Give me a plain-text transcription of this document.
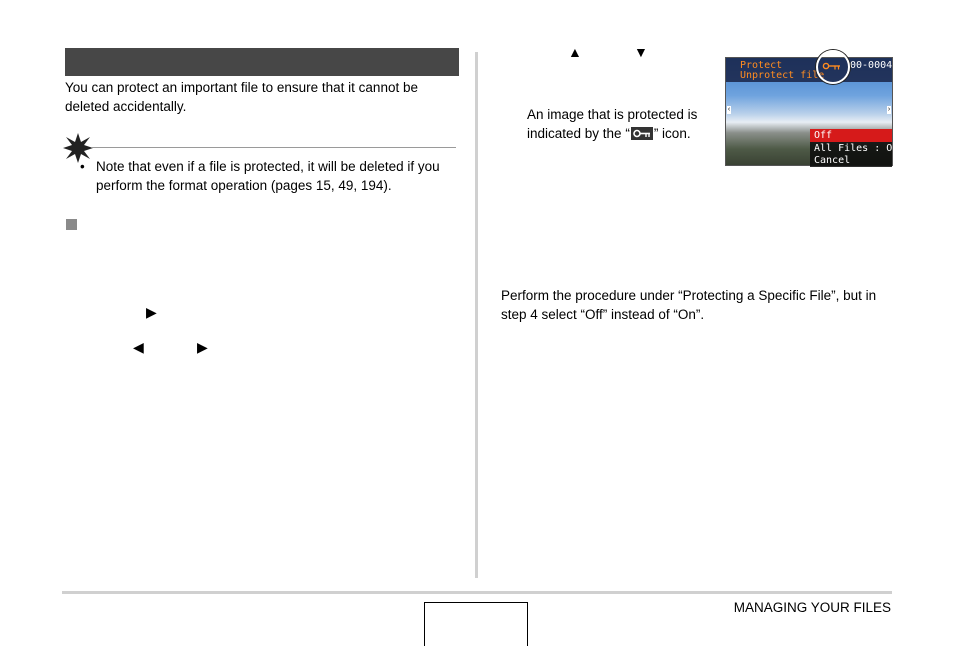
You can protect an important file to ensure that it cannot be
deleted accidentally.
• Note that even if a file is protected, it will be deleted if you
perform the format operation (pages 15, 49, 194).
▶
◀	▶
▲	▼
An image that is protected is
indicated by the “ ” icon.
Protect	00-0004
Unprotect file
‹	›
Off
All Files : Off
Cancel
Perform the procedure under “Protecting a Specific File”, but in
step 4 select “Off” instead of “On”.
MANAGING YOUR FILES
